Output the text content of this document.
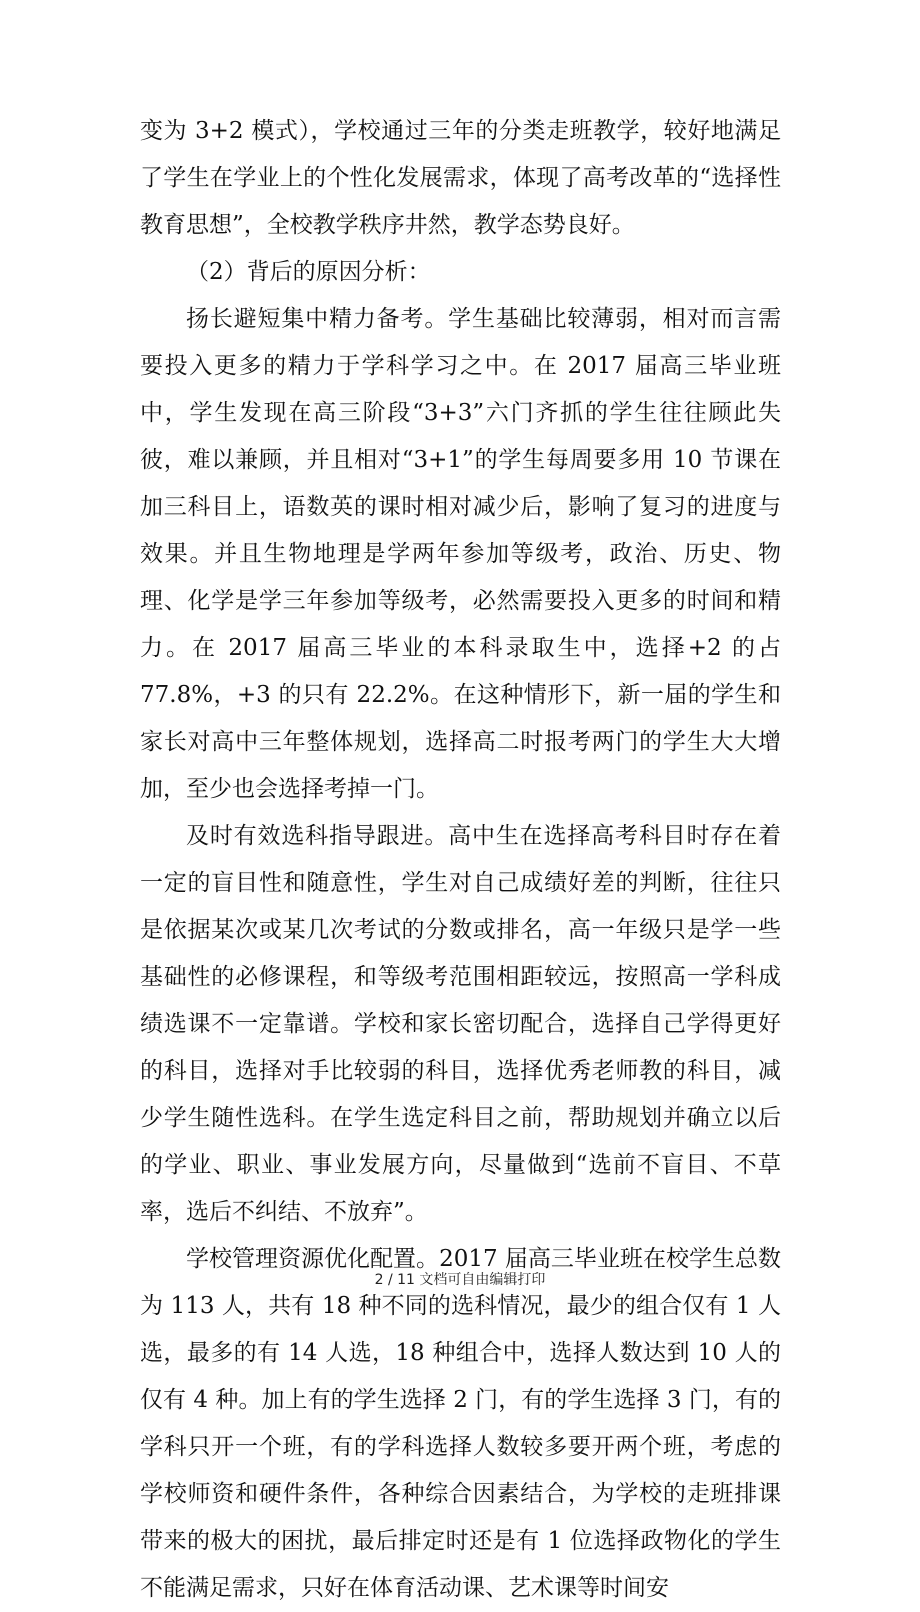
变为 3+2 模式），学校通过三年的分类走班教学，较好地满足了学生在学业上的个性化发展需求，体现了高考改革的“选择性教育思想”，全校教学秩序井然，教学态势良好。

（2）背后的原因分析：

扬长避短集中精力备考。学生基础比较薄弱，相对而言需要投入更多的精力于学科学习之中。在 2017 届高三毕业班中，学生发现在高三阶段“3+3”六门齐抓的学生往往顾此失彼，难以兼顾，并且相对“3+1”的学生每周要多用 10 节课在加三科目上，语数英的课时相对减少后，影响了复习的进度与效果。并且生物地理是学两年参加等级考，政治、历史、物理、化学是学三年参加等级考，必然需要投入更多的时间和精力。在 2017 届高三毕业的本科录取生中，选择+2 的占 77.8%，+3 的只有 22.2%。在这种情形下，新一届的学生和家长对高中三年整体规划，选择高二时报考两门的学生大大增加，至少也会选择考掉一门。

及时有效选科指导跟进。高中生在选择高考科目时存在着一定的盲目性和随意性，学生对自己成绩好差的判断，往往只是依据某次或某几次考试的分数或排名，高一年级只是学一些基础性的必修课程，和等级考范围相距较远，按照高一学科成绩选课不一定靠谱。学校和家长密切配合，选择自己学得更好的科目，选择对手比较弱的科目，选择优秀老师教的科目，减少学生随性选科。在学生选定科目之前，帮助规划并确立以后的学业、职业、事业发展方向，尽量做到“选前不盲目、不草率，选后不纠结、不放弃”。

学校管理资源优化配置。2017 届高三毕业班在校学生总数为 113 人，共有 18 种不同的选科情况，最少的组合仅有 1 人选，最多的有 14 人选，18 种组合中，选择人数达到 10 人的仅有 4 种。加上有的学生选择 2 门，有的学生选择 3 门，有的学科只开一个班，有的学科选择人数较多要开两个班，考虑的学校师资和硬件条件，各种综合因素结合，为学校的走班排课带来的极大的困扰，最后排定时还是有 1 位选择政物化的学生不能满足需求，只好在体育活动课、艺术课等时间安

2 / 11 文档可自由编辑打印
